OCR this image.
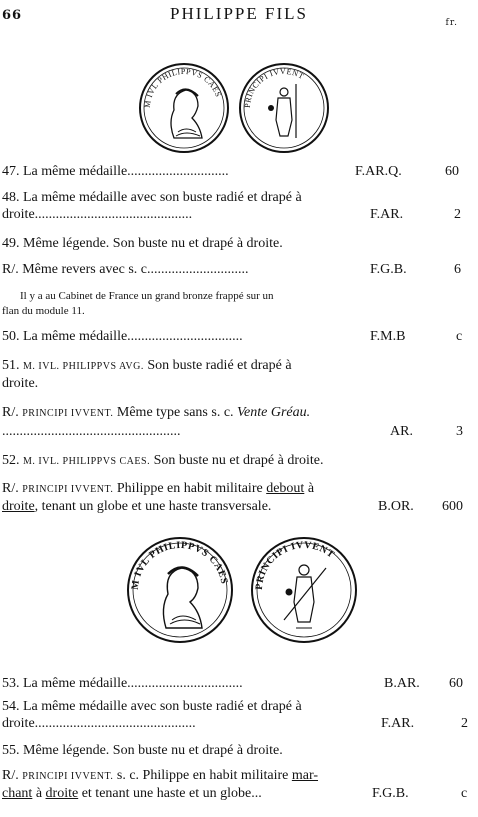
66	PHILIPPE FILS	fr.
M IVL PHILIPPVS CAES
PRINCIPI IVVENT
47. La même médaille.............................	F.AR.Q.	60
48. La même médaille avec son buste radié et drapé à
droite.............................................	F.AR.	2
49. Même légende. Son buste nu et drapé à droite.
R/. Même revers avec s. c.............................	F.G.B.	6
Il y a au Cabinet de France un grand bronze frappé sur un
flan du module 11.
50. La même médaille.................................	F.M.B	c
51. M. IVL. PHILIPPVS AVG. Son buste radié et drapé à
droite.
R/. PRINCIPI IVVENT. Même type sans s. c. Vente Gréau.
...................................................	AR.	3
52. M. IVL. PHILIPPVS CAES. Son buste nu et drapé à droite.
R/. PRINCIPI IVVENT. Philippe en habit militaire debout à
droite, tenant un globe et une haste transversale.	B.OR. 600
M IVL PHILIPPVS CAES
PRINCIPI IVVENT
53. La même médaille.................................	B.AR. 60
54. La même médaille avec son buste radié et drapé à
droite..............................................	F.AR.	2
55. Même légende. Son buste nu et drapé à droite.
R/. PRINCIPI IVVENT. s. c. Philippe en habit militaire mar-
chant à droite et tenant une haste et un globe...	F.G.B.	c
